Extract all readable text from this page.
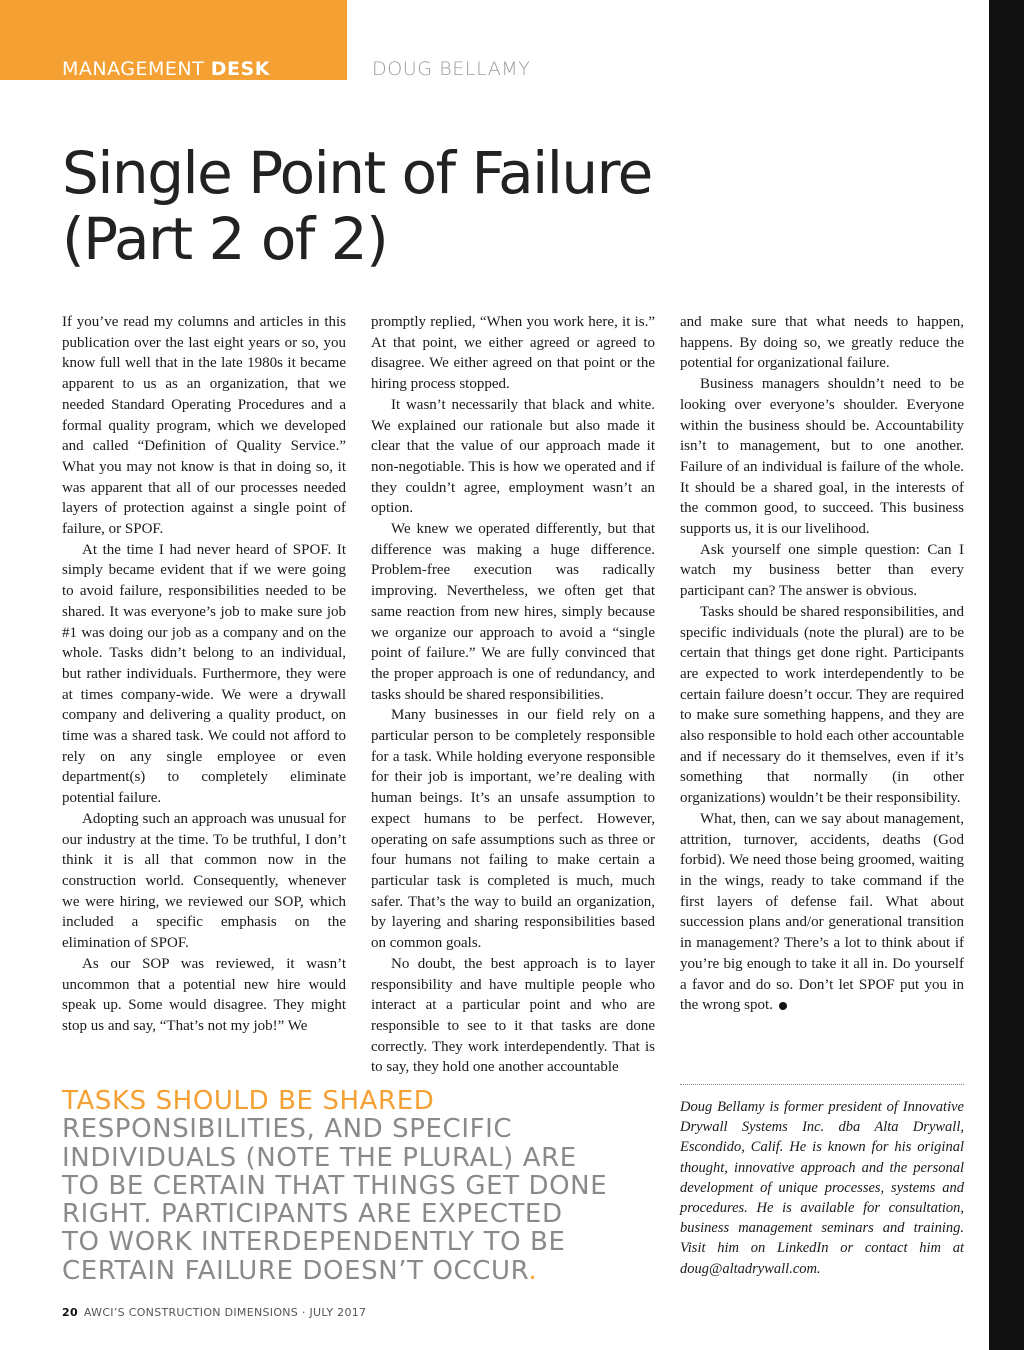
MANAGEMENT DESK	DOUG BELLAMY
Single Point of Failure
(Part 2 of 2)

If you’ve read my columns and articles in this publication over the last eight years or so, you know full well that in the late 1980s it became apparent to us as an organization, that we needed Standard Operating Procedures and a formal quality program, which we developed and called “Definition of Quality Service.” What you may not know is that in doing so, it was apparent that all of our processes needed layers of protection against a single point of failure, or SPOF.

At the time I had never heard of SPOF. It simply became evident that if we were going to avoid failure, responsibilities needed to be shared. It was everyone’s job to make sure job #1 was doing our job as a company and on the whole. Tasks didn’t belong to an individual, but rather individuals. Furthermore, they were at times company-wide. We were a drywall company and delivering a quality product, on time was a shared task. We could not afford to rely on any single employee or even department(s) to completely eliminate potential failure.

Adopting such an approach was unusual for our industry at the time. To be truthful, I don’t think it is all that common now in the construction world. Consequently, whenever we were hiring, we reviewed our SOP, which included a specific emphasis on the elimination of SPOF.

As our SOP was reviewed, it wasn’t uncommon that a potential new hire would speak up. Some would disagree. They might stop us and say, “That’s not my job!” We

promptly replied, “When you work here, it is.” At that point, we either agreed or agreed to disagree. We either agreed on that point or the hiring process stopped.

It wasn’t necessarily that black and white. We explained our rationale but also made it clear that the value of our approach made it non-negotiable. This is how we operated and if they couldn’t agree, employment wasn’t an option.

We knew we operated differently, but that difference was making a huge difference. Problem-free execution was radically improving. Nevertheless, we often get that same reaction from new hires, simply because we organize our approach to avoid a “single point of failure.” We are fully convinced that the proper approach is one of redundancy, and tasks should be shared responsibilities.

Many businesses in our field rely on a particular person to be completely responsible for a task. While holding everyone responsible for their job is important, we’re dealing with human beings. It’s an unsafe assumption to expect humans to be perfect. However, operating on safe assumptions such as three or four humans not failing to make certain a particular task is completed is much, much safer. That’s the way to build an organization, by layering and sharing responsibilities based on common goals.

No doubt, the best approach is to layer responsibility and have multiple people who interact at a particular point and who are responsible to see to it that tasks are done correctly. They work interdependently. That is to say, they hold one another accountable

and make sure that what needs to happen, happens. By doing so, we greatly reduce the potential for organizational failure.

Business managers shouldn’t need to be looking over everyone’s shoulder. Everyone within the business should be. Accountability isn’t to management, but to one another. Failure of an individual is failure of the whole. It should be a shared goal, in the interests of the common good, to succeed. This business supports us, it is our livelihood.

Ask yourself one simple question: Can I watch my business better than every participant can? The answer is obvious.

Tasks should be shared responsibilities, and specific individuals (note the plural) are to be certain that things get done right. Participants are expected to work interdependently to be certain failure doesn’t occur. They are required to make sure something happens, and they are also responsible to hold each other accountable and if necessary do it themselves, even if it’s something that normally (in other organizations) wouldn’t be their responsibility.

What, then, can we say about management, attrition, turnover, accidents, deaths (God forbid). We need those being groomed, waiting in the wings, ready to take command if the first layers of defense fail. What about succession plans and/or generational transition in management? There’s a lot to think about if you’re big enough to take it all in. Do yourself a favor and do so. Don’t let SPOF put you in the wrong spot.

Doug Bellamy is former president of Innovative Drywall Systems Inc. dba Alta Drywall, Escondido, Calif. He is known for his original thought, innovative approach and the personal development of unique processes, systems and procedures. He is available for consultation, business management seminars and training. Visit him on LinkedIn or contact him at doug@altadrywall.com.
TASKS SHOULD BE SHARED
RESPONSIBILITIES, AND SPECIFIC
INDIVIDUALS (NOTE THE PLURAL) ARE
TO BE CERTAIN THAT THINGS GET DONE
RIGHT. PARTICIPANTS ARE EXPECTED
TO WORK INTERDEPENDENTLY TO BE
CERTAIN FAILURE DOESN’T OCCUR.
20 AWCI’S CONSTRUCTION DIMENSIONS · JULY 2017
